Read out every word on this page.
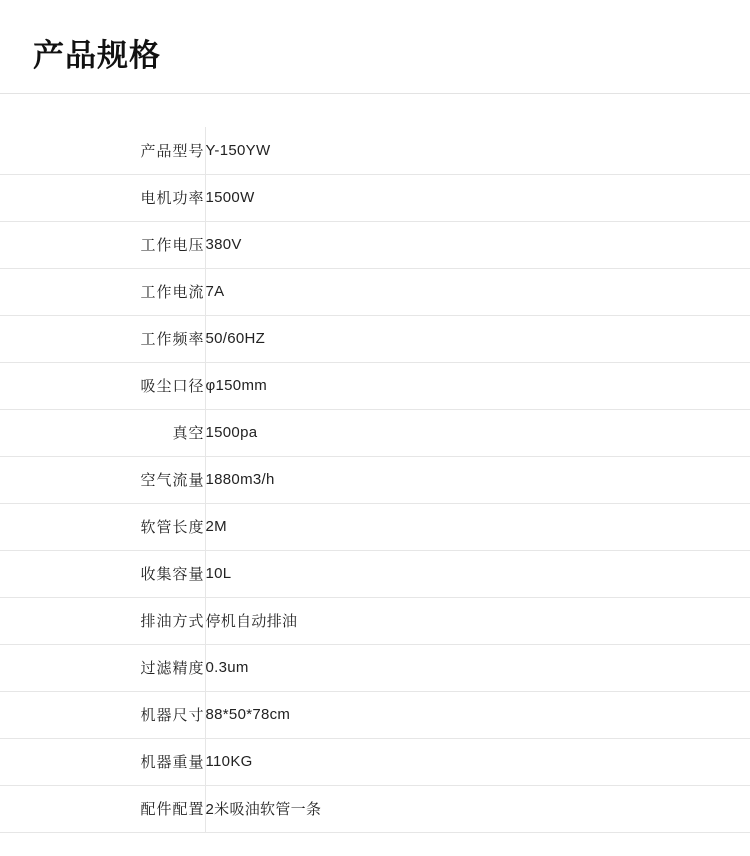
产品规格
产品型号	Y-150YW
电机功率	1500W
工作电压	380V
工作电流	7A
工作频率	50/60HZ
吸尘口径	φ150mm
真空	1500pa
空气流量	1880m3/h
软管长度	2M
收集容量	10L
排油方式	停机自动排油
过滤精度	0.3um
机器尺寸	88*50*78cm
机器重量	110KG
配件配置	2米吸油软管一条
